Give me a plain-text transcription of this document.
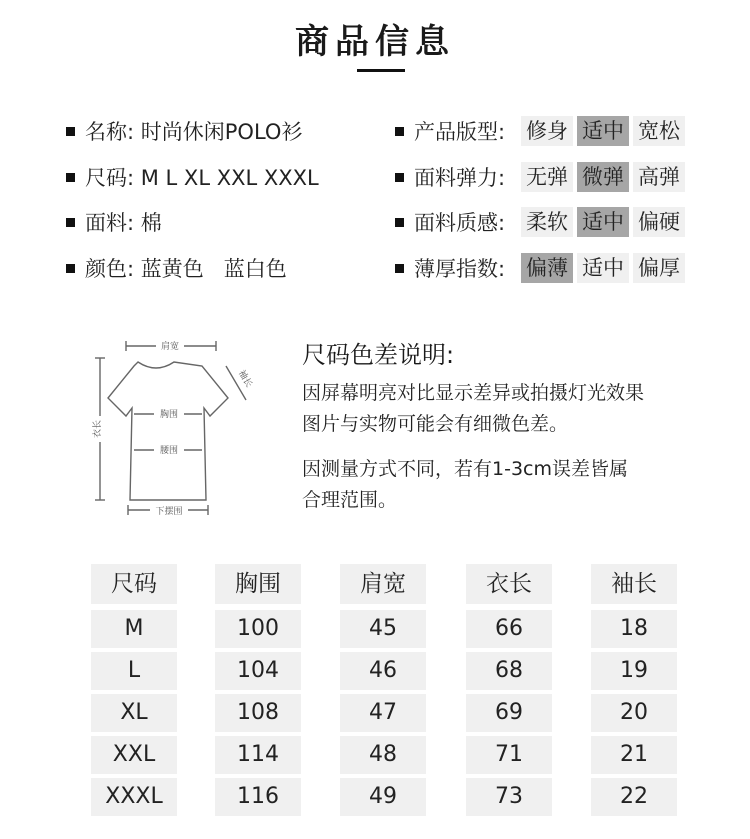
商品信息
名称: 时尚休闲POLO衫
尺码: M L XL XXL XXXL
面料: 棉
颜色: 蓝黄色   蓝白色
产品版型: 修身 适中 宽松
面料弹力: 无弹 微弹 高弹
面料质感: 柔软 适中 偏硬
薄厚指数: 偏薄 适中 偏厚
肩宽
衣长
袖长
胸围
腰围
下摆围
尺码色差说明:
因屏幕明亮对比显示差异或拍摄灯光效果
图片与实物可能会有细微色差。
因测量方式不同，若有1-3cm误差皆属
合理范围。
尺码	胸围	肩宽	衣长	袖长
M	100	45	66	18
L	104	46	68	19
XL	108	47	69	20
XXL	114	48	71	21
XXXL	116	49	73	22
